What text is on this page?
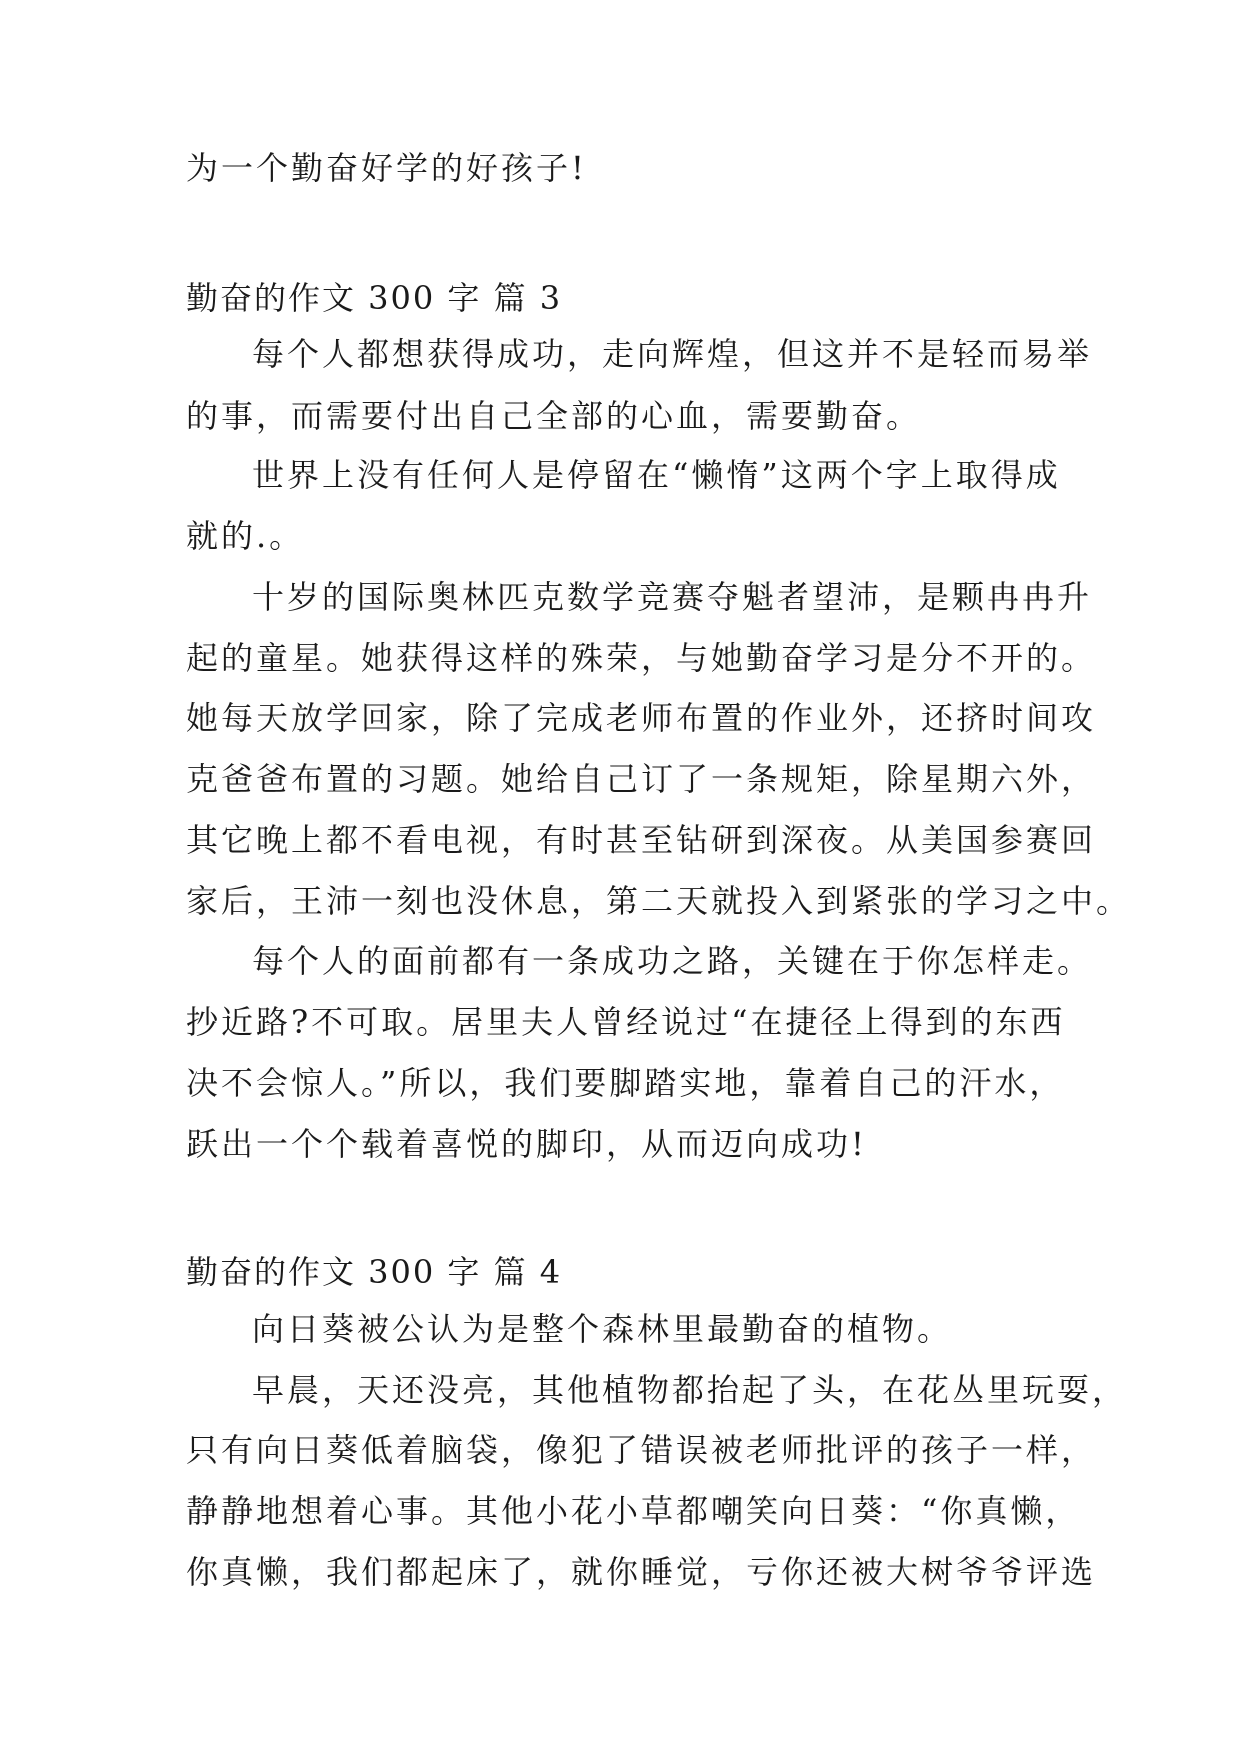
为一个勤奋好学的好孩子!
勤奋的作文 300 字 篇 3
每个人都想获得成功，走向辉煌，但这并不是轻而易举
的事，而需要付出自己全部的心血，需要勤奋。
世界上没有任何人是停留在“懒惰”这两个字上取得成
就的.。
十岁的国际奥林匹克数学竞赛夺魁者望沛，是颗冉冉升
起的童星。她获得这样的殊荣，与她勤奋学习是分不开的。
她每天放学回家，除了完成老师布置的作业外，还挤时间攻
克爸爸布置的习题。她给自己订了一条规矩，除星期六外，
其它晚上都不看电视，有时甚至钻研到深夜。从美国参赛回
家后，王沛一刻也没休息，第二天就投入到紧张的学习之中。
每个人的面前都有一条成功之路，关键在于你怎样走。
抄近路?不可取。居里夫人曾经说过“在捷径上得到的东西
决不会惊人。”所以，我们要脚踏实地，靠着自己的汗水，
跃出一个个载着喜悦的脚印，从而迈向成功!
勤奋的作文 300 字 篇 4
向日葵被公认为是整个森林里最勤奋的植物。
早晨，天还没亮，其他植物都抬起了头，在花丛里玩耍，
只有向日葵低着脑袋，像犯了错误被老师批评的孩子一样，
静静地想着心事。其他小花小草都嘲笑向日葵：“你真懒，
你真懒，我们都起床了，就你睡觉，亏你还被大树爷爷评选
